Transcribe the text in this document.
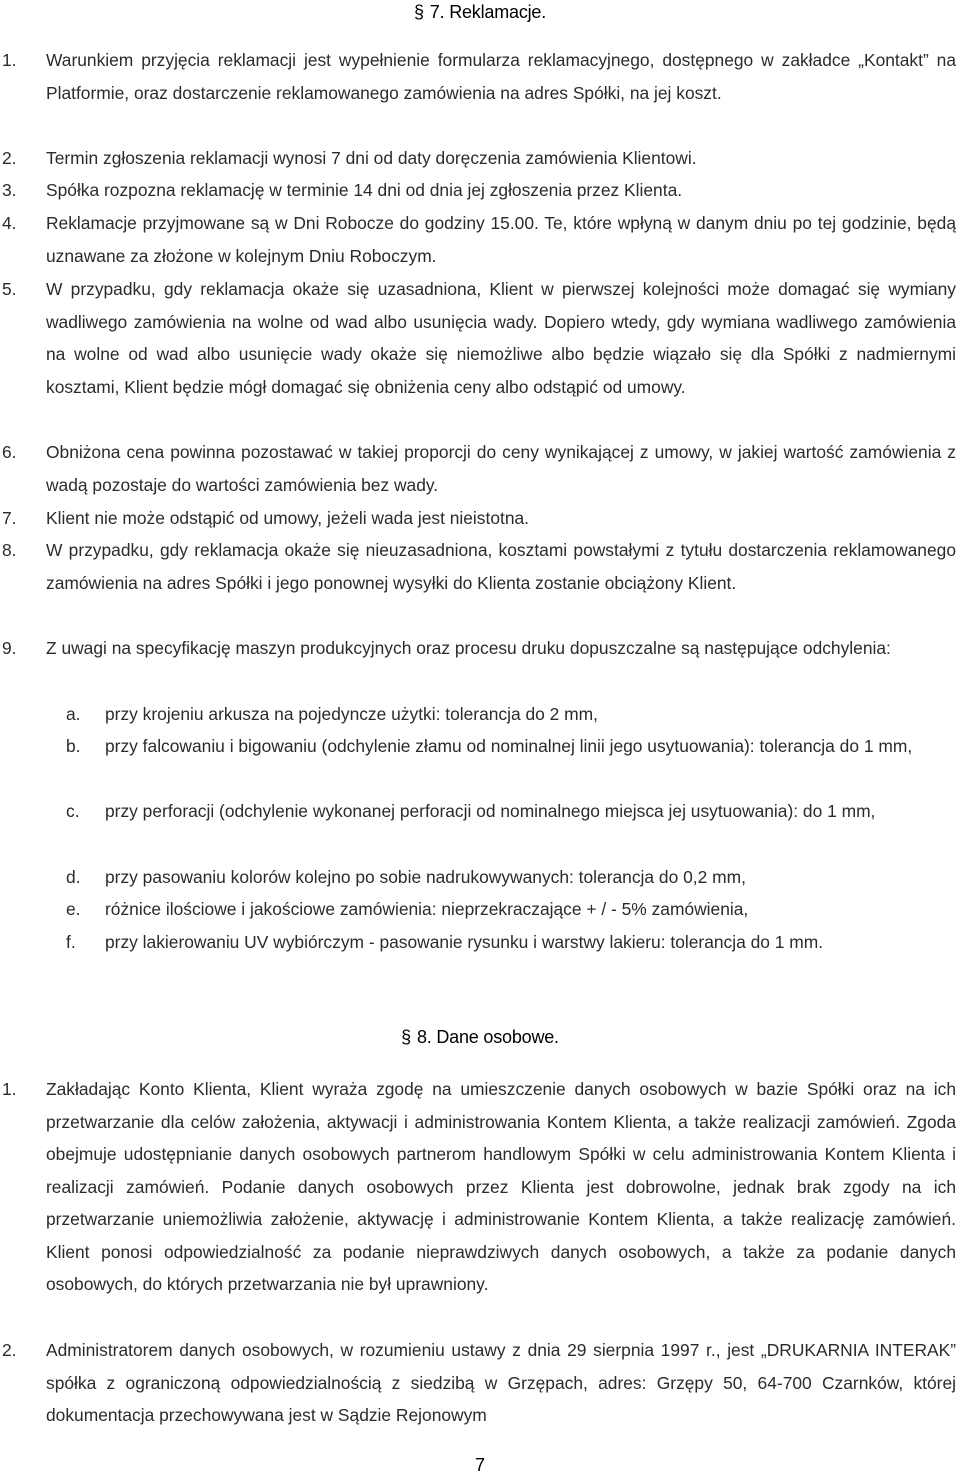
§ 7. Reklamacje.
1. Warunkiem przyjęcia reklamacji jest wypełnienie formularza reklamacyjnego, dostępnego w zakładce „Kontakt” na Platformie, oraz dostarczenie reklamowanego zamówienia na adres Spółki, na jej koszt.
2. Termin zgłoszenia reklamacji wynosi 7 dni od daty doręczenia zamówienia Klientowi.
3. Spółka rozpozna reklamację w terminie 14 dni od dnia jej zgłoszenia przez Klienta.
4. Reklamacje przyjmowane są w Dni Robocze do godziny 15.00. Te, które wpłyną w danym dniu po tej godzinie, będą uznawane za złożone w kolejnym Dniu Roboczym.
5. W przypadku, gdy reklamacja okaże się uzasadniona, Klient w pierwszej kolejności może domagać się wymiany wadliwego zamówienia na wolne od wad albo usunięcia wady. Dopiero wtedy, gdy wymiana wadliwego zamówienia na wolne od wad albo usunięcie wady okaże się niemożliwe albo będzie wiązało się dla Spółki z nadmiernymi kosztami, Klient będzie mógł domagać się obniżenia ceny albo odstąpić od umowy.
6. Obniżona cena powinna pozostawać w takiej proporcji do ceny wynikającej z umowy, w jakiej wartość zamówienia z wadą pozostaje do wartości zamówienia bez wady.
7. Klient nie może odstąpić od umowy, jeżeli wada jest nieistotna.
8. W przypadku, gdy reklamacja okaże się nieuzasadniona, kosztami powstałymi z tytułu dostarczenia reklamowanego zamówienia na adres Spółki i jego ponownej wysyłki do Klienta zostanie obciążony Klient.
9. Z uwagi na specyfikację maszyn produkcyjnych oraz procesu druku dopuszczalne są następujące odchylenia:
a. przy krojeniu arkusza na pojedyncze użytki: tolerancja do 2 mm,
b. przy falcowaniu i bigowaniu (odchylenie złamu od nominalnej linii jego usytuowania): tolerancja do 1 mm,
c. przy perforacji (odchylenie wykonanej perforacji od nominalnego miejsca jej usytuowania): do 1 mm,
d. przy pasowaniu kolorów kolejno po sobie nadrukowywanych: tolerancja do 0,2 mm,
e. różnice ilościowe i jakościowe zamówienia: nieprzekraczające + / - 5% zamówienia,
f. przy lakierowaniu UV wybiórczym - pasowanie rysunku i warstwy lakieru: tolerancja do 1 mm.
§ 8. Dane osobowe.
1. Zakładając Konto Klienta, Klient wyraża zgodę na umieszczenie danych osobowych w bazie Spółki oraz na ich przetwarzanie dla celów założenia, aktywacji i administrowania Kontem Klienta, a także realizacji zamówień. Zgoda obejmuje udostępnianie danych osobowych partnerom handlowym Spółki w celu administrowania Kontem Klienta i realizacji zamówień. Podanie danych osobowych przez Klienta jest dobrowolne, jednak brak zgody na ich przetwarzanie uniemożliwia założenie, aktywację i administrowanie Kontem Klienta, a także realizację zamówień. Klient ponosi odpowiedzialność za podanie nieprawdziwych danych osobowych, a także za podanie danych osobowych, do których przetwarzania nie był uprawniony.
2. Administratorem danych osobowych, w rozumieniu ustawy z dnia 29 sierpnia 1997 r., jest „DRUKARNIA INTERAK” spółka z ograniczoną odpowiedzialnością z siedzibą w Grzępach, adres: Grzępy 50, 64-700 Czarnków, której dokumentacja przechowywana jest w Sądzie Rejonowym
7
